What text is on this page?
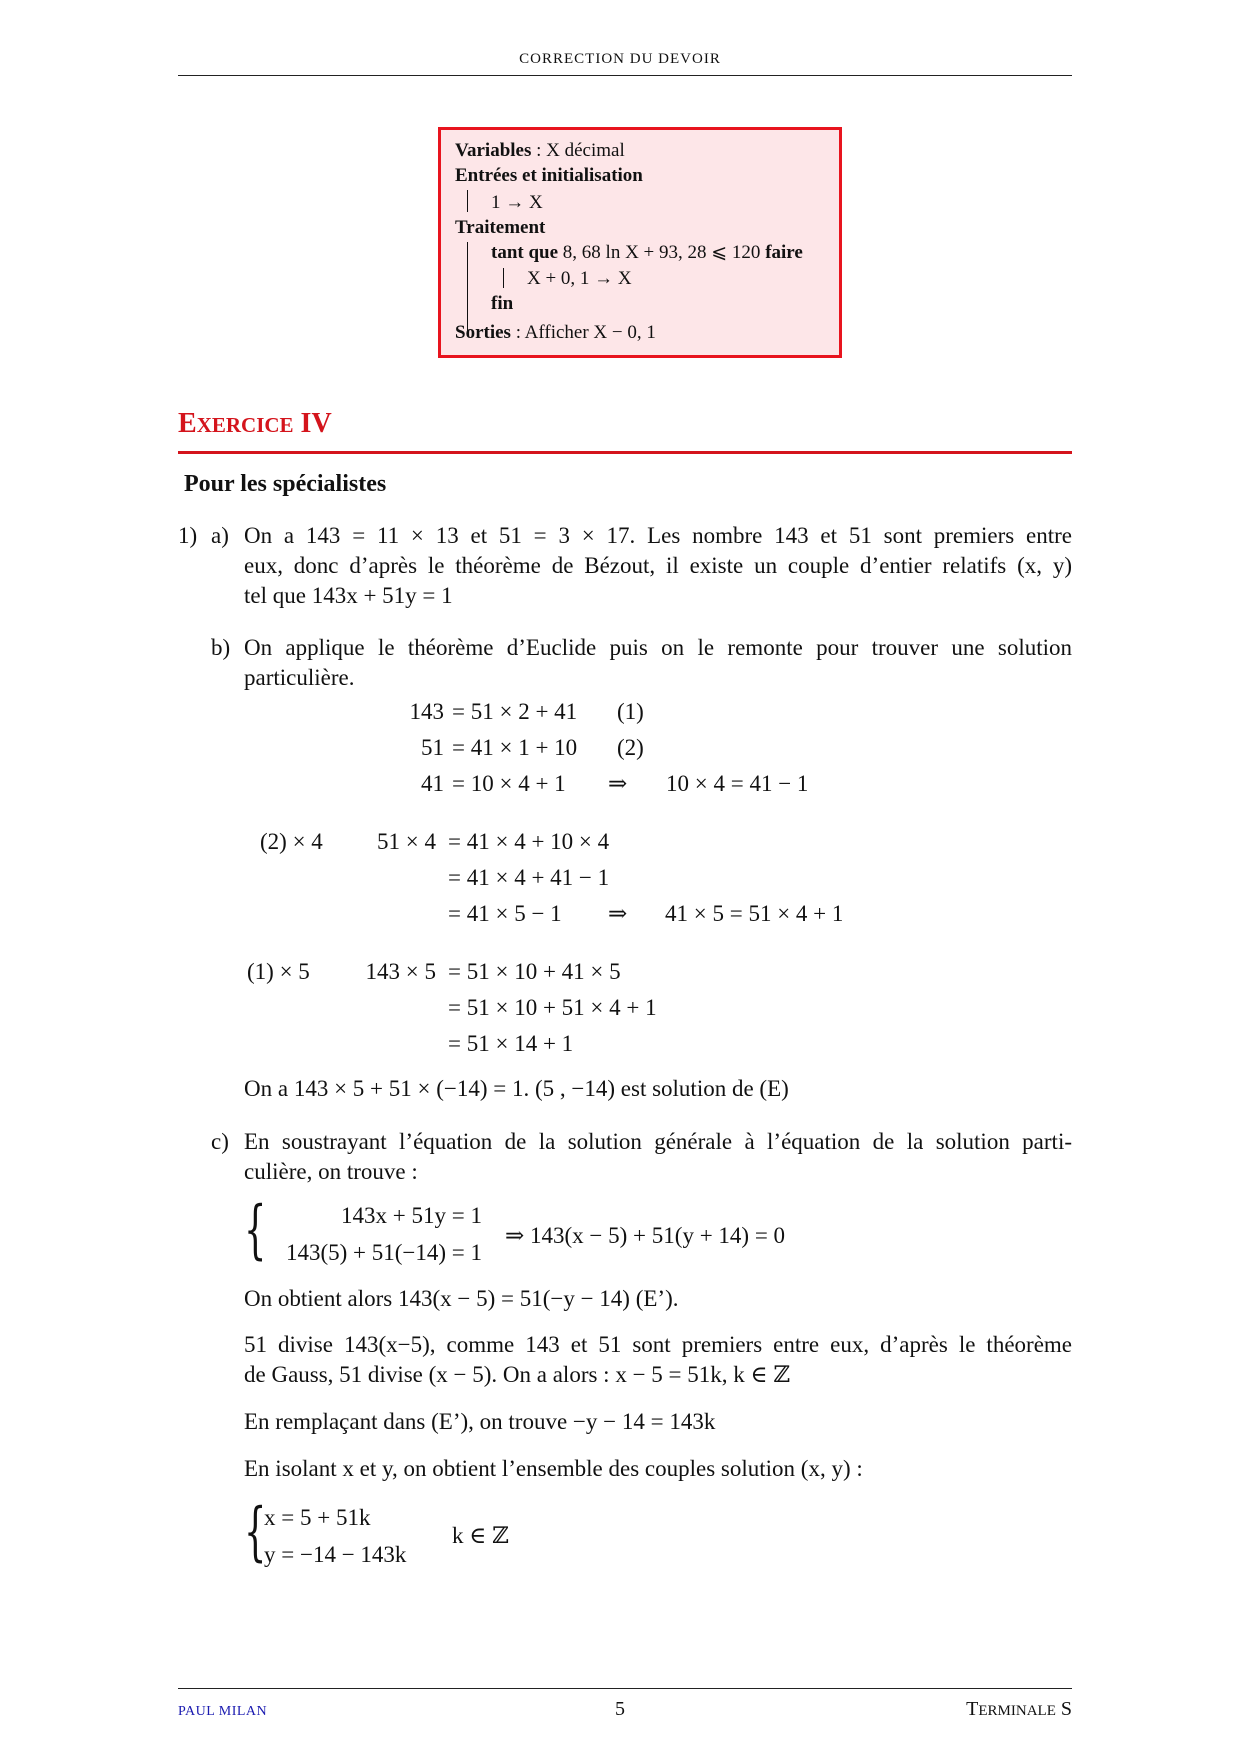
CORRECTION DU DEVOIR
Variables : X décimal
Entrées et initialisation
1 → X
Traitement
tant que 8, 68 ln X + 93, 28 ⩽ 120 faire
X + 0, 1 → X
fin
Sorties : Afficher X − 0, 1
EXERCICE IV
Pour les spécialistes
1) a) On a 143 = 11 × 13 et 51 = 3 × 17. Les nombre 143 et 51 sont premiers entre
eux, donc d’après le théorème de Bézout, il existe un couple d’entier relatifs (x, y)
tel que 143x + 51y = 1
b) On applique le théorème d’Euclide puis on le remonte pour trouver une solution
particulière.
143 = 51 × 2 + 41 (1)
51 = 41 × 1 + 10 (2)
41 = 10 × 4 + 1 ⇒ 10 × 4 = 41 − 1
(2) × 4	51 × 4 = 41 × 4 + 10 × 4
= 41 × 4 + 41 − 1
= 41 × 5 − 1 ⇒ 41 × 5 = 51 × 4 + 1
(1) × 5 143 × 5 = 51 × 10 + 41 × 5
= 51 × 10 + 51 × 4 + 1
= 51 × 14 + 1
On a 143 × 5 + 51 × (−14) = 1. (5 , −14) est solution de (E)
c) En soustrayant l’équation de la solution générale à l’équation de la solution parti-
culière, on trouve :
{	143x + 51y = 1
143(5) + 51(−14) = 1
⇒ 143(x − 5) + 51(y + 14) = 0
On obtient alors 143(x − 5) = 51(−y − 14) (E’).
51 divise 143(x−5), comme 143 et 51 sont premiers entre eux, d’après le théorème
de Gauss, 51 divise (x − 5). On a alors : x − 5 = 51k, k ∈ ℤ
En remplaçant dans (E’), on trouve −y − 14 = 143k
En isolant x et y, on obtient l’ensemble des couples solution (x, y) :
{
x = 5 + 51k
y = −14 − 143k
k ∈ ℤ
PAUL MILAN	5	TERMINALE S
